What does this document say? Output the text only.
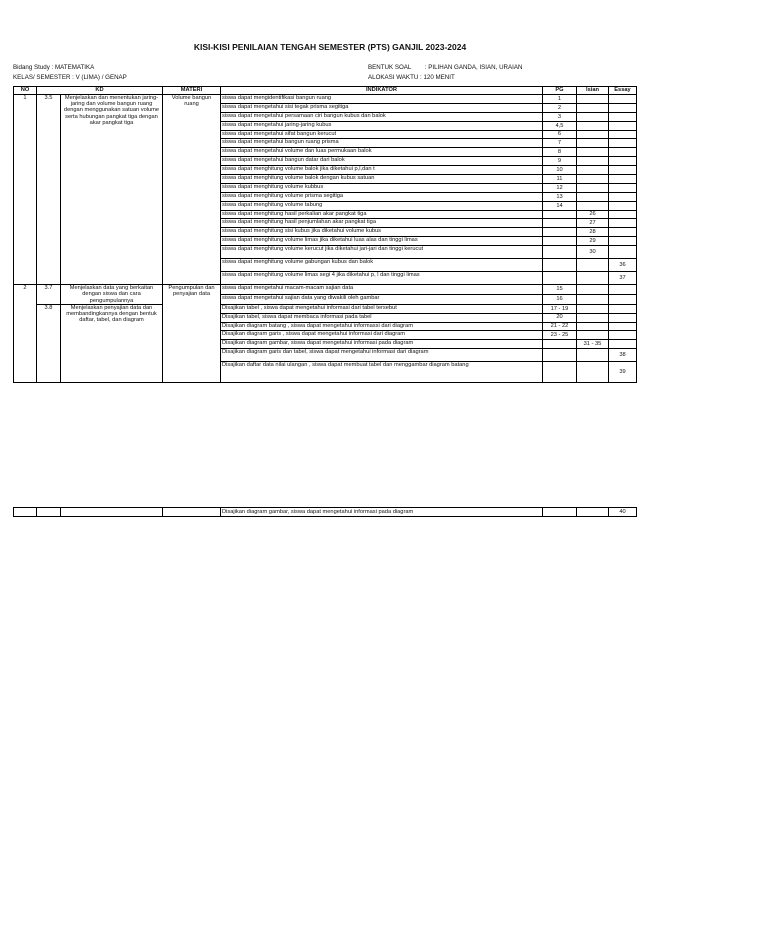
KISI-KISI PENILAIAN TENGAH SEMESTER (PTS) GANJIL 2023-2024
Bidang Study : MATEMATIKA
KELAS/ SEMESTER : V (LIMA) / GENAP
BENTUK SOAL : PILIHAN GANDA, ISIAN, URAIAN
ALOKASI WAKTU : 120 MENIT
NO	KD		MATERI	INDIKATOR	PG	Isian	Essay
1	3.5	Menjelaskan dan menentukan jaring-jaring dan volume bangun ruang dengan menggunakan satuan volume serta hubungan pangkat tiga dengan akar pangkat tiga	Volume bangun ruang	siswa dapat mengidentifikasi bangun ruang	1		
				siswa dapat mengetahui sisi tegak prisma segitiga	2		
				siswa dapat mengetahui persamaan ciri bangun kubus dan balok	3		
				siswa dapat mengetahui jaring-jaring kubus	4,5		
				siswa dapat mengetahui sifat bangun kerucut	6		
				siswa dapat mengetahui bangun ruang prisma	7		
				siswa dapat mengetahui volume dan luas permukaan balok	8		
				siswa dapat mengetahui bangun datar dari balok	9		
				siswa dapat menghitung volume balok jika diketahui p,l,dan t	10		
				siswa dapat menghitung volume balok dengan kubus satuan	11		
				siswa dapat menghitung volume kubbus	12		
				siswa dapat menghitung volume prisma segitiga	13		
				siswa dapat menghitung volume tabung	14		
				siswa dapat menghitung hasil perkalian akar pangkat tiga		26	
				siswa dapat menghitung hasil penjumlahan akar pangkat tiga		27	
				siswa dapat menghitung sisi kubus jika diketahui volume kubus		28	
				siswa dapat menghitung volume limas jika diketahui luas alas dan tinggi limas		29	
				siswa dapat menghitung volume kerucut jika diketahui jari-jari dan tinggi kerucut		30	
				siswa dapat menghitung volume gabungan kubus dan balok			36
				siswa dapat menghitung volume limas segi 4 jika diketahui p, l dan tinggi limas			37
2	3.7	Menjelaskan data yang berkaitan dengan siswa dan cara pengumpulannya	Pengumpulan dan penyajian data	siswa dapat mengetahui macam-macam sajian data	15		
				siswa dapat mengetahui sajian data yang diwakili oleh gambar	16		
	3.8	Menjelaskan penyajian data dan membandingkannya dengan bentuk daftar, tabel, dan diagram		Disajikan tabel , siswa dapat mengetahui informasi dari tabel tersebut	17 - 19		
				Disajikan tabel, siswa dapat membaca informasi pada tabel	20		
				Disajikan diagram batang , siswa dapat mengetahui informassi dari diagram	21 - 22		
				Disajikan diagram garis , siswa dapat mengetahui informasi dari diagram	23 - 25		
				Disajikan diagram gambar, siswa dapat mengetahui informasi pada diagram		31 - 35	
				Disajikan diagram garis dan tabel, siswa dapat mengetahui informasi dari diagram			38
				Disajikan daftar data nilai ulangan , siswa dapat membuat tabel dan menggambar diagram batang			39
				Disajikan diagram gambar, siswa dapat mengetahui informasi pada diagram			40
